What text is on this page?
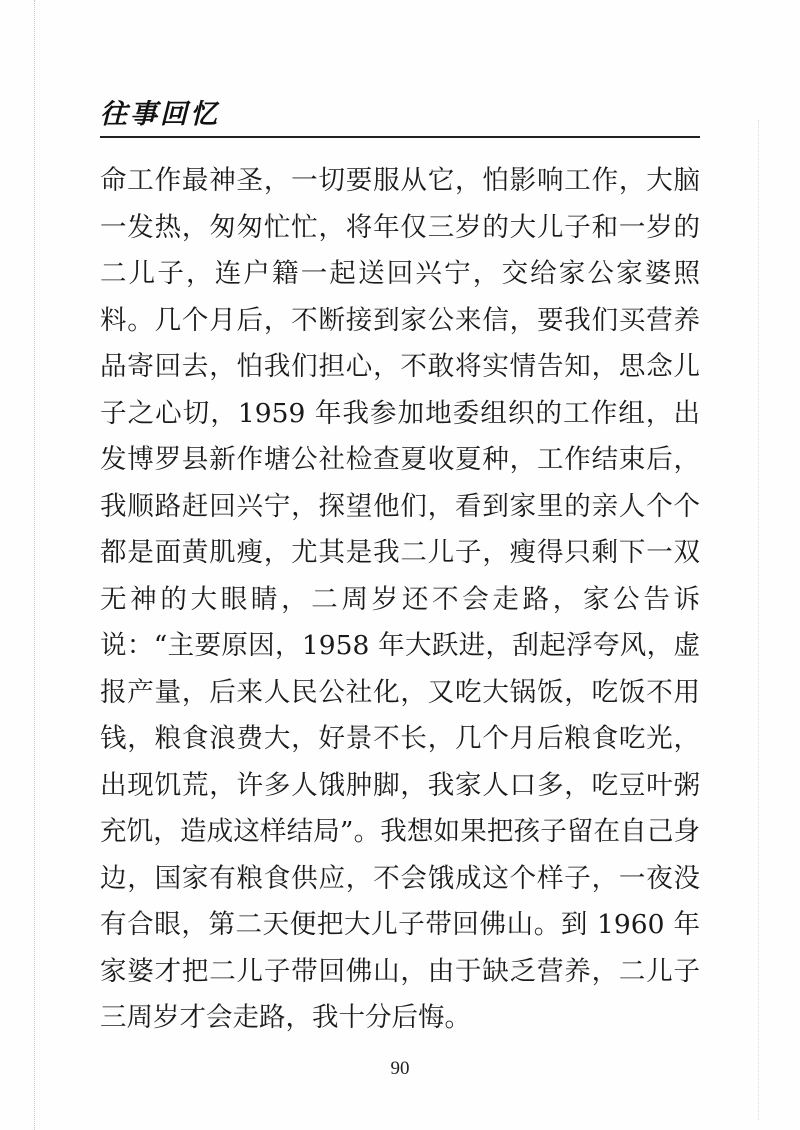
往事回忆

命工作最神圣，一切要服从它，怕影响工作，大脑一发热，匆匆忙忙，将年仅三岁的大儿子和一岁的二儿子，连户籍一起送回兴宁，交给家公家婆照料。几个月后，不断接到家公来信，要我们买营养品寄回去，怕我们担心，不敢将实情告知，思念儿子之心切，1959 年我参加地委组织的工作组，出发博罗县新作塘公社检查夏收夏种，工作结束后，我顺路赶回兴宁，探望他们，看到家里的亲人个个都是面黄肌瘦，尤其是我二儿子，瘦得只剩下一双无神的大眼睛，二周岁还不会走路，家公告诉说：“主要原因，1958 年大跃进，刮起浮夸风，虚报产量，后来人民公社化，又吃大锅饭，吃饭不用钱，粮食浪费大，好景不长，几个月后粮食吃光，出现饥荒，许多人饿肿脚，我家人口多，吃豆叶粥充饥，造成这样结局”。我想如果把孩子留在自己身边，国家有粮食供应，不会饿成这个样子，一夜没有合眼，第二天便把大儿子带回佛山。到 1960 年家婆才把二儿子带回佛山，由于缺乏营养，二儿子三周岁才会走路，我十分后悔。

90
